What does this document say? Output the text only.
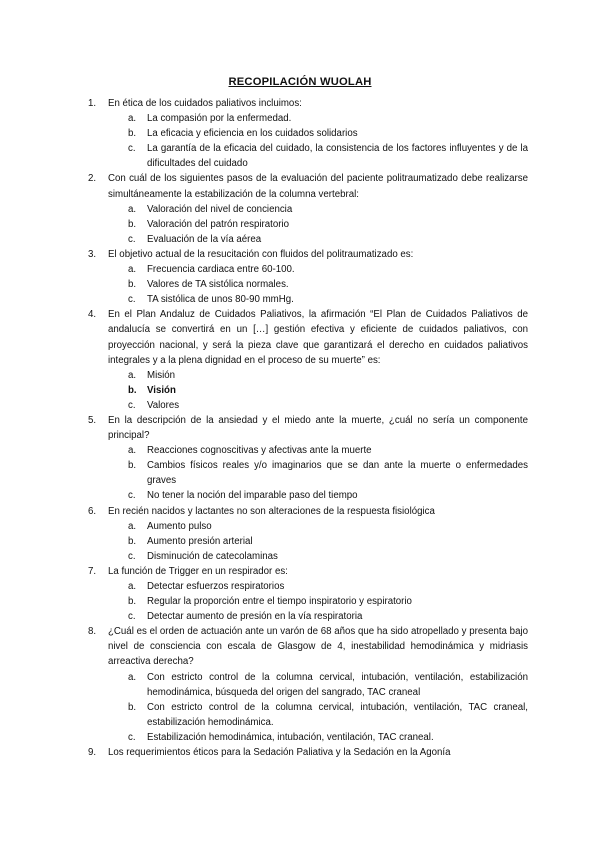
RECOPILACIÓN WUOLAH
1. En ética de los cuidados paliativos incluimos:
a. La compasión por la enfermedad.
b. La eficacia y eficiencia en los cuidados solidarios
c. La garantía de la eficacia del cuidado, la consistencia de los factores influyentes y de la dificultades del cuidado
2. Con cuál de los siguientes pasos de la evaluación del paciente politraumatizado debe realizarse simultáneamente la estabilización de la columna vertebral:
a. Valoración del nivel de conciencia
b. Valoración del patrón respiratorio
c. Evaluación de la vía aérea
3. El objetivo actual de la resucitación con fluidos del politraumatizado es:
a. Frecuencia cardiaca entre 60-100.
b. Valores de TA sistólica normales.
c. TA sistólica de unos 80-90 mmHg.
4. En el Plan Andaluz de Cuidados Paliativos, la afirmación “El Plan de Cuidados Paliativos de andalucía se convertirá en un […] gestión efectiva y eficiente de cuidados paliativos, con proyección nacional, y será la pieza clave que garantizará el derecho en cuidados paliativos integrales y a la plena dignidad en el proceso de su muerte” es:
a. Misión
b. Visión
c. Valores
5. En la descripción de la ansiedad y el miedo ante la muerte, ¿cuál no sería un componente principal?
a. Reacciones cognoscitivas y afectivas ante la muerte
b. Cambios físicos reales y/o imaginarios que se dan ante la muerte o enfermedades graves
c. No tener la noción del imparable paso del tiempo
6. En recién nacidos y lactantes no son alteraciones de la respuesta fisiológica
a. Aumento pulso
b. Aumento presión arterial
c. Disminución de catecolaminas
7. La función de Trigger en un respirador es:
a. Detectar esfuerzos respiratorios
b. Regular la proporción entre el tiempo inspiratorio y espiratorio
c. Detectar aumento de presión en la vía respiratoria
8. ¿Cuál es el orden de actuación ante un varón de 68 años que ha sido atropellado y presenta bajo nivel de consciencia con escala de Glasgow de 4, inestabilidad hemodinámica y midriasis arreactiva derecha?
a. Con estricto control de la columna cervical, intubación, ventilación, estabilización hemodinámica, búsqueda del origen del sangrado, TAC craneal
b. Con estricto control de la columna cervical, intubación, ventilación, TAC craneal, estabilización hemodinámica.
c. Estabilización hemodinámica, intubación, ventilación, TAC craneal.
9. Los requerimientos éticos para la Sedación Paliativa y la Sedación en la Agonía
